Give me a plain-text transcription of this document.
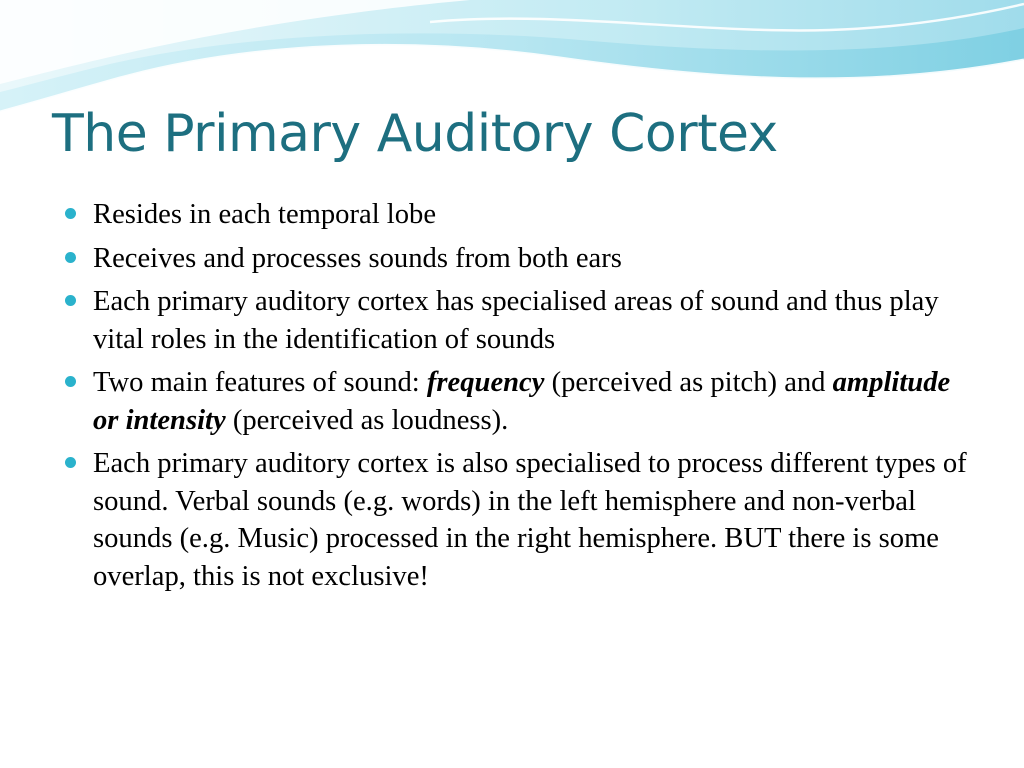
The Primary Auditory Cortex
Resides in each temporal lobe
Receives and processes sounds from both ears
Each primary auditory cortex has specialised areas of sound and thus play vital roles in the identification of sounds
Two main features of sound: frequency (perceived as pitch) and amplitude or intensity (perceived as loudness).
Each primary auditory cortex is also specialised to process different types of sound. Verbal sounds (e.g. words) in the left hemisphere and non-verbal sounds (e.g. Music) processed in the right hemisphere. BUT there is some overlap, this is not exclusive!
